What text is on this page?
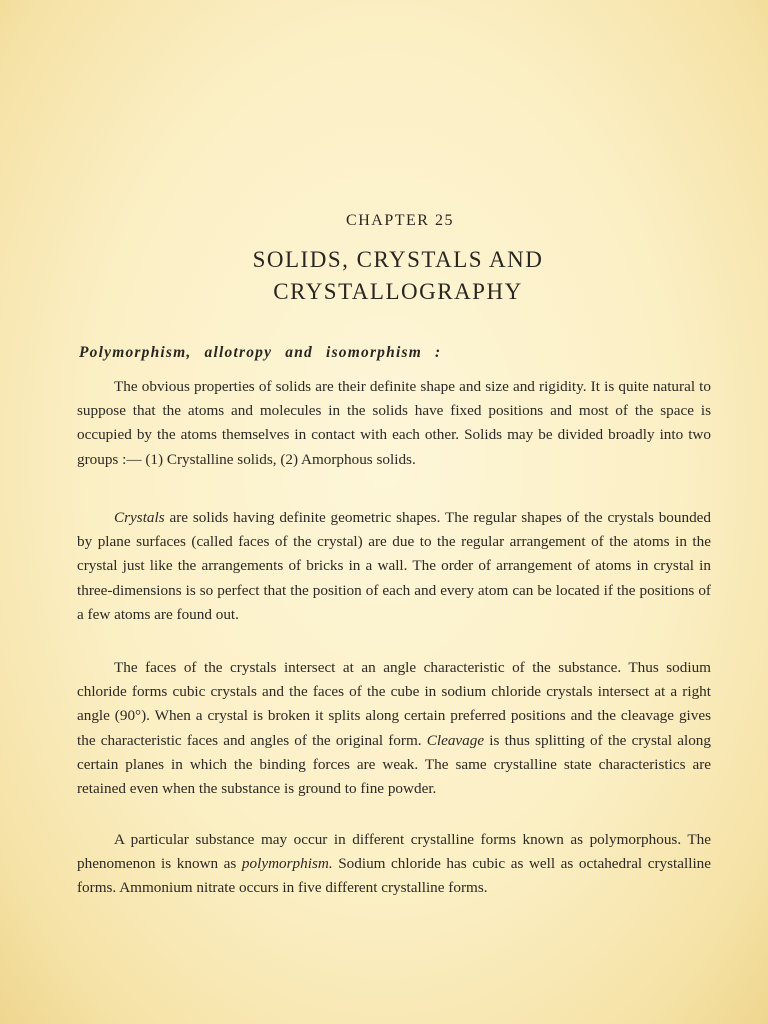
CHAPTER 25
SOLIDS, CRYSTALS AND
CRYSTALLOGRAPHY
Polymorphism, allotropy and isomorphism :
The obvious properties of solids are their definite shape and size and rigidity. It is quite natural to suppose that the atoms and molecules in the solids have fixed positions and most of the space is occupied by the atoms themselves in contact with each other. Solids may be divided broadly into two groups :— (1) Crystalline solids, (2) Amorphous solids.
Crystals are solids having definite geometric shapes. The regular shapes of the crystals bounded by plane surfaces (called faces of the crystal) are due to the regular arrangement of the atoms in the crystal just like the arrangements of bricks in a wall. The order of arrangement of atoms in crystal in three-dimensions is so perfect that the position of each and every atom can be located if the positions of a few atoms are found out.
The faces of the crystals intersect at an angle characteristic of the substance. Thus sodium chloride forms cubic crystals and the faces of the cube in sodium chloride crystals intersect at a right angle (90°). When a crystal is broken it splits along certain preferred positions and the cleavage gives the characteristic faces and angles of the original form. Cleavage is thus splitting of the crystal along certain planes in which the binding forces are weak. The same crystalline state characteristics are retained even when the substance is ground to fine powder.
A particular substance may occur in different crystalline forms known as polymorphous. The phenomenon is known as polymorphism. Sodium chloride has cubic as well as octahedral crystalline forms. Ammonium nitrate occurs in five different crystalline forms.
